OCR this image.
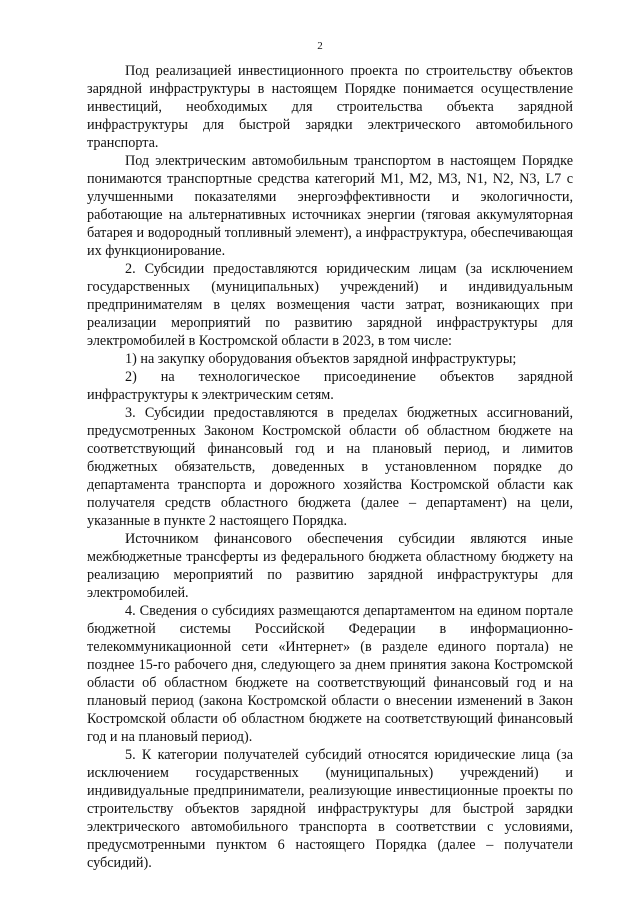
2

Под реализацией инвестиционного проекта по строительству объектов зарядной инфраструктуры в настоящем Порядке понимается осуществление инвестиций, необходимых для строительства объекта зарядной инфраструктуры для быстрой зарядки электрического автомобильного транспорта.

Под электрическим автомобильным транспортом в настоящем Порядке понимаются транспортные средства категорий М1, М2, М3, N1, N2, N3, L7 с улучшенными показателями энергоэффективности и экологичности, работающие на альтернативных источниках энергии (тяговая аккумуляторная батарея и водородный топливный элемент), а инфраструктура, обеспечивающая их функционирование.

2. Субсидии предоставляются юридическим лицам (за исключением государственных (муниципальных) учреждений) и индивидуальным предпринимателям в целях возмещения части затрат, возникающих при реализации мероприятий по развитию зарядной инфраструктуры для электромобилей в Костромской области в 2023, в том числе:

1) на закупку оборудования объектов зарядной инфраструктуры;

2) на технологическое присоединение объектов зарядной инфраструктуры к электрическим сетям.

3. Субсидии предоставляются в пределах бюджетных ассигнований, предусмотренных Законом Костромской области об областном бюджете на соответствующий финансовый год и на плановый период, и лимитов бюджетных обязательств, доведенных в установленном порядке до департамента транспорта и дорожного хозяйства Костромской области как получателя средств областного бюджета (далее – департамент) на цели, указанные в пункте 2 настоящего Порядка.

Источником финансового обеспечения субсидии являются иные межбюджетные трансферты из федерального бюджета областному бюджету на реализацию мероприятий по развитию зарядной инфраструктуры для электромобилей.

4. Сведения о субсидиях размещаются департаментом на едином портале бюджетной системы Российской Федерации в информационно-телекоммуникационной сети «Интернет» (в разделе единого портала) не позднее 15-го рабочего дня, следующего за днем принятия закона Костромской области об областном бюджете на соответствующий финансовый год и на плановый период (закона Костромской области о внесении изменений в Закон Костромской области об областном бюджете на соответствующий финансовый год и на плановый период).

5. К категории получателей субсидий относятся юридические лица (за исключением государственных (муниципальных) учреждений) и индивидуальные предприниматели, реализующие инвестиционные проекты по строительству объектов зарядной инфраструктуры для быстрой зарядки электрического автомобильного транспорта в соответствии с условиями, предусмотренными пунктом 6 настоящего Порядка (далее – получатели субсидий).
